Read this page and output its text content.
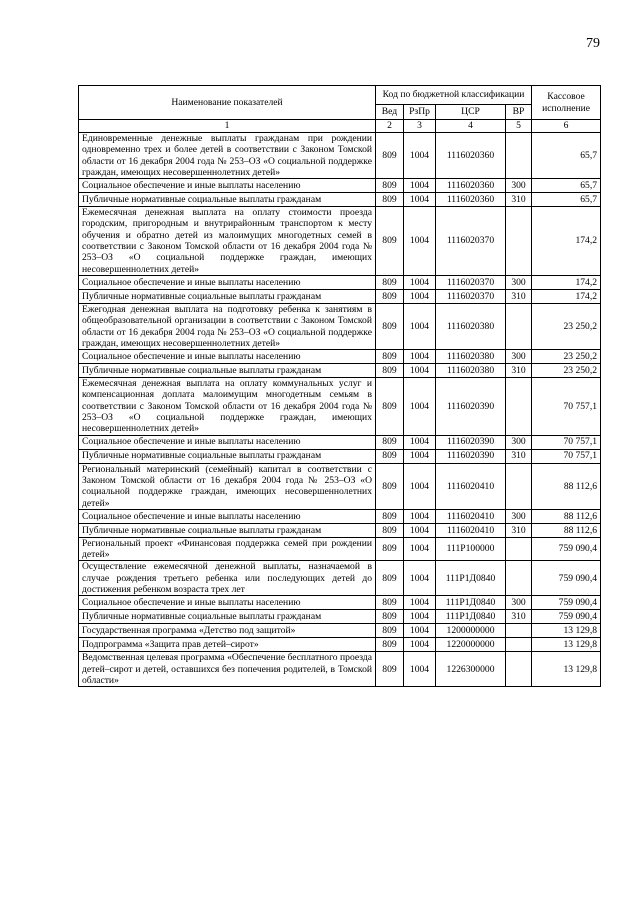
79
Наименование показателей	Код по бюджетной классификации				Кассовое исполнение
	Вед	РзПр	ЦСР	ВР	
1	2	3	4	5	6
Единовременные денежные выплаты гражданам при рождении одновременно трех и более детей в соответствии с Законом Томской области от 16 декабря 2004 года № 253–ОЗ «О социальной поддержке граждан, имеющих несовершеннолетних детей»	809	1004	1116020360		65,7
Социальное обеспечение и иные выплаты населению	809	1004	1116020360	300	65,7
Публичные нормативные социальные выплаты гражданам	809	1004	1116020360	310	65,7
Ежемесячная денежная выплата на оплату стоимости проезда городским, пригородным и внутрирайонным транспортом к месту обучения и обратно детей из малоимущих многодетных семей в соответствии с Законом Томской области от 16 декабря 2004 года № 253–ОЗ «О социальной поддержке граждан, имеющих несовершеннолетних детей»	809	1004	1116020370		174,2
Социальное обеспечение и иные выплаты населению	809	1004	1116020370	300	174,2
Публичные нормативные социальные выплаты гражданам	809	1004	1116020370	310	174,2
Ежегодная денежная выплата на подготовку ребенка к занятиям в общеобразовательной организации в соответствии с Законом Томской области от 16 декабря 2004 года № 253–ОЗ «О социальной поддержке граждан, имеющих несовершеннолетних детей»	809	1004	1116020380		23 250,2
Социальное обеспечение и иные выплаты населению	809	1004	1116020380	300	23 250,2
Публичные нормативные социальные выплаты гражданам	809	1004	1116020380	310	23 250,2
Ежемесячная денежная выплата на оплату коммунальных услуг и компенсационная доплата малоимущим многодетным семьям в соответствии с Законом Томской области от 16 декабря 2004 года № 253–ОЗ «О социальной поддержке граждан, имеющих несовершеннолетних детей»	809	1004	1116020390		70 757,1
Социальное обеспечение и иные выплаты населению	809	1004	1116020390	300	70 757,1
Публичные нормативные социальные выплаты гражданам	809	1004	1116020390	310	70 757,1
Региональный материнский (семейный) капитал в соответствии с Законом Томской области от 16 декабря 2004 года № 253–ОЗ «О социальной поддержке граждан, имеющих несовершеннолетних детей»	809	1004	1116020410		88 112,6
Социальное обеспечение и иные выплаты населению	809	1004	1116020410	300	88 112,6
Публичные нормативные социальные выплаты гражданам	809	1004	1116020410	310	88 112,6
Региональный проект «Финансовая поддержка семей при рождении детей»	809	1004	111P100000		759 090,4
Осуществление ежемесячной денежной выплаты, назначаемой в случае рождения третьего ребенка или последующих детей до достижения ребенком возраста трех лет	809	1004	111P1Д0840		759 090,4
Социальное обеспечение и иные выплаты населению	809	1004	111P1Д0840	300	759 090,4
Публичные нормативные социальные выплаты гражданам	809	1004	111P1Д0840	310	759 090,4
Государственная программа «Детство под защитой»	809	1004	1200000000		13 129,8
Подпрограмма «Защита прав детей–сирот»	809	1004	1220000000		13 129,8
Ведомственная целевая программа «Обеспечение бесплатного проезда детей–сирот и детей, оставшихся без попечения родителей, в Томской области»	809	1004	1226300000		13 129,8
